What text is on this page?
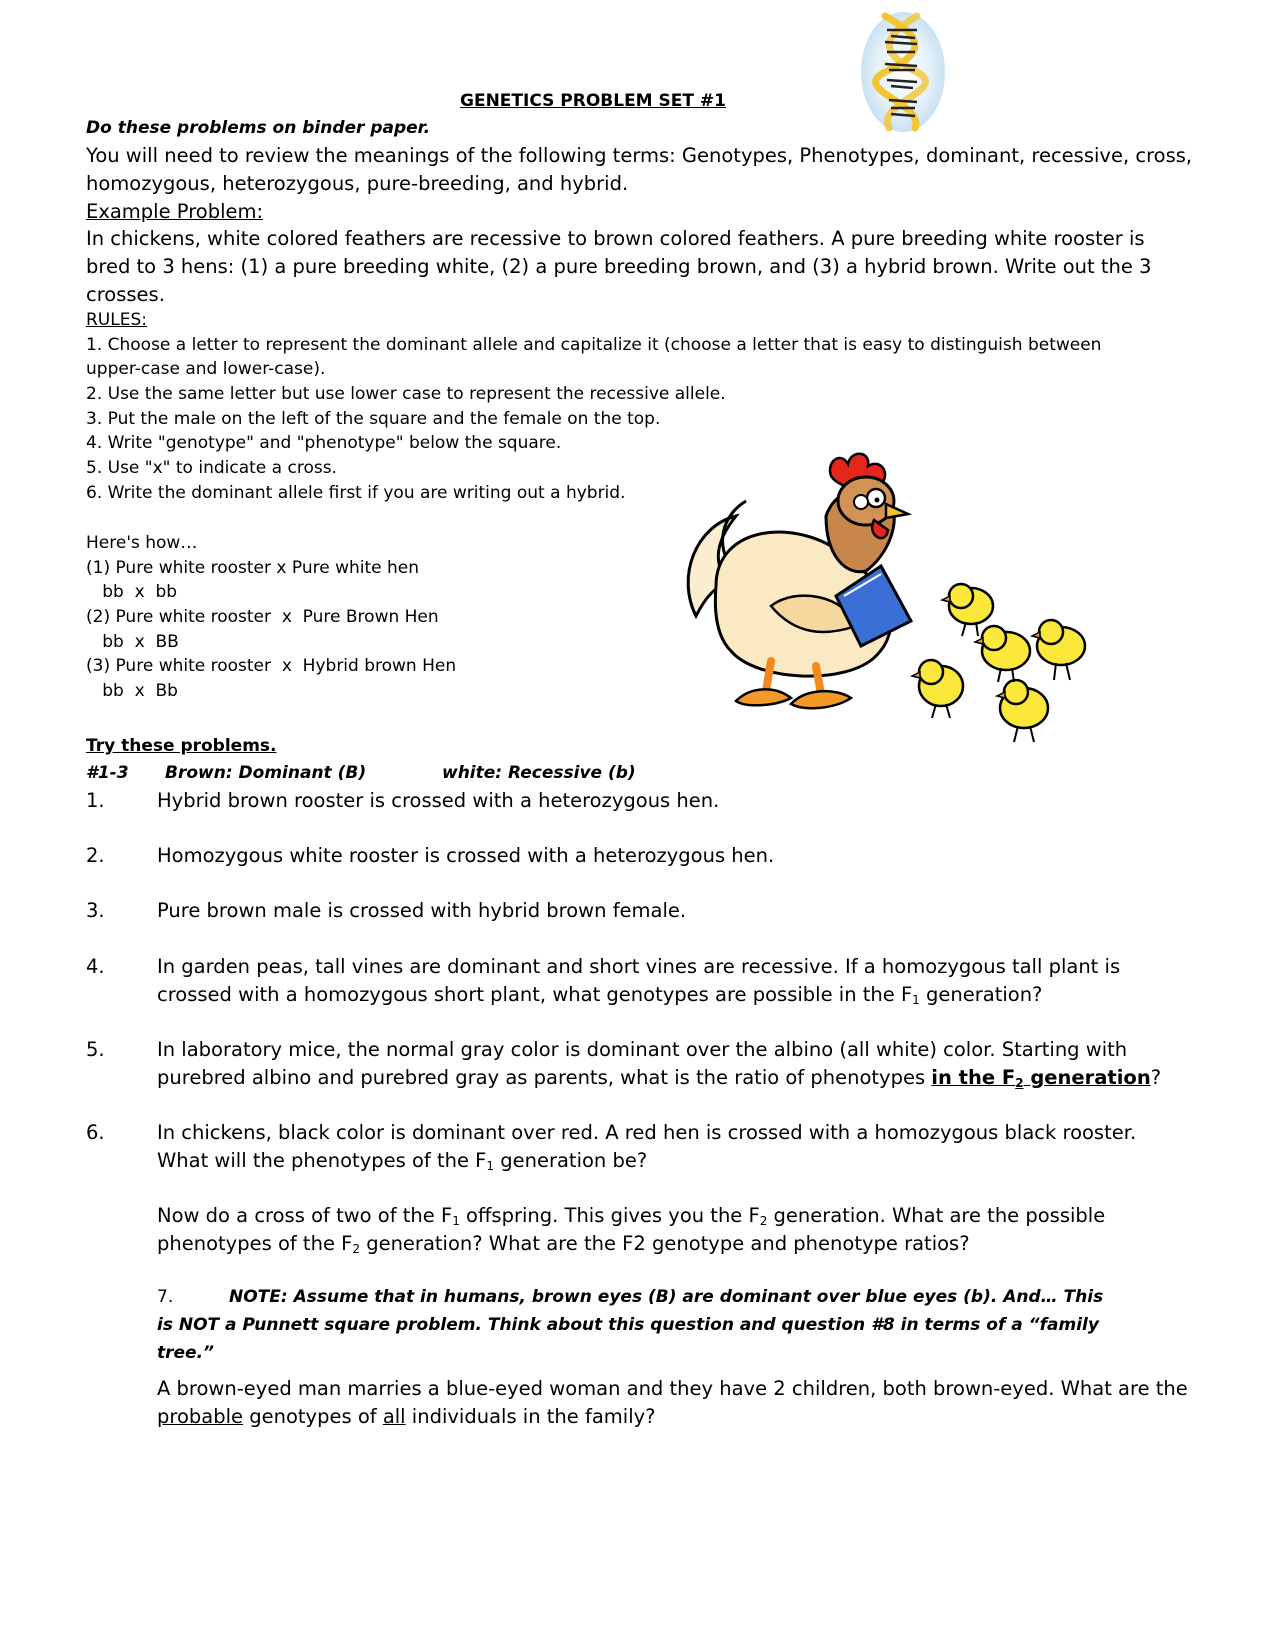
GENETICS PROBLEM SET #1
Do these problems on binder paper.
You will need to review the meanings of the following terms: Genotypes, Phenotypes, dominant, recessive, cross,
homozygous, heterozygous, pure-breeding, and hybrid.
Example Problem:
In chickens, white colored feathers are recessive to brown colored feathers. A pure breeding white rooster is
bred to 3 hens: (1) a pure breeding white, (2) a pure breeding brown, and (3) a hybrid brown. Write out the 3
crosses.
RULES:
1. Choose a letter to represent the dominant allele and capitalize it (choose a letter that is easy to distinguish between
upper-case and lower-case).
2. Use the same letter but use lower case to represent the recessive allele.
3. Put the male on the left of the square and the female on the top.
4. Write "genotype" and "phenotype" below the square.
5. Use "x" to indicate a cross.
6. Write the dominant allele first if you are writing out a hybrid.
Here's how…
(1) Pure white rooster x Pure white hen
bb  x  bb
(2) Pure white rooster  x  Pure Brown Hen
bb  x  BB
(3) Pure white rooster  x  Hybrid brown Hen
bb  x  Bb
Try these problems.
#1-3 Brown: Dominant (B)	white: Recessive (b)
1.	Hybrid brown rooster is crossed with a heterozygous hen.
2.	Homozygous white rooster is crossed with a heterozygous hen.
3.	Pure brown male is crossed with hybrid brown female.
4.	In garden peas, tall vines are dominant and short vines are recessive. If a homozygous tall plant is
crossed with a homozygous short plant, what genotypes are possible in the F1 generation?
5.	In laboratory mice, the normal gray color is dominant over the albino (all white) color. Starting with
purebred albino and purebred gray as parents, what is the ratio of phenotypes in the F2 generation?
6.	In chickens, black color is dominant over red. A red hen is crossed with a homozygous black rooster.
What will the phenotypes of the F1 generation be?
Now do a cross of two of the F1 offspring. This gives you the F2 generation. What are the possible
phenotypes of the F2 generation? What are the F2 genotype and phenotype ratios?
7.	NOTE: Assume that in humans, brown eyes (B) are dominant over blue eyes (b). And… This
is NOT a Punnett square problem. Think about this question and question #8 in terms of a “family
tree.”
A brown-eyed man marries a blue-eyed woman and they have 2 children, both brown-eyed. What are the
probable genotypes of all individuals in the family?
